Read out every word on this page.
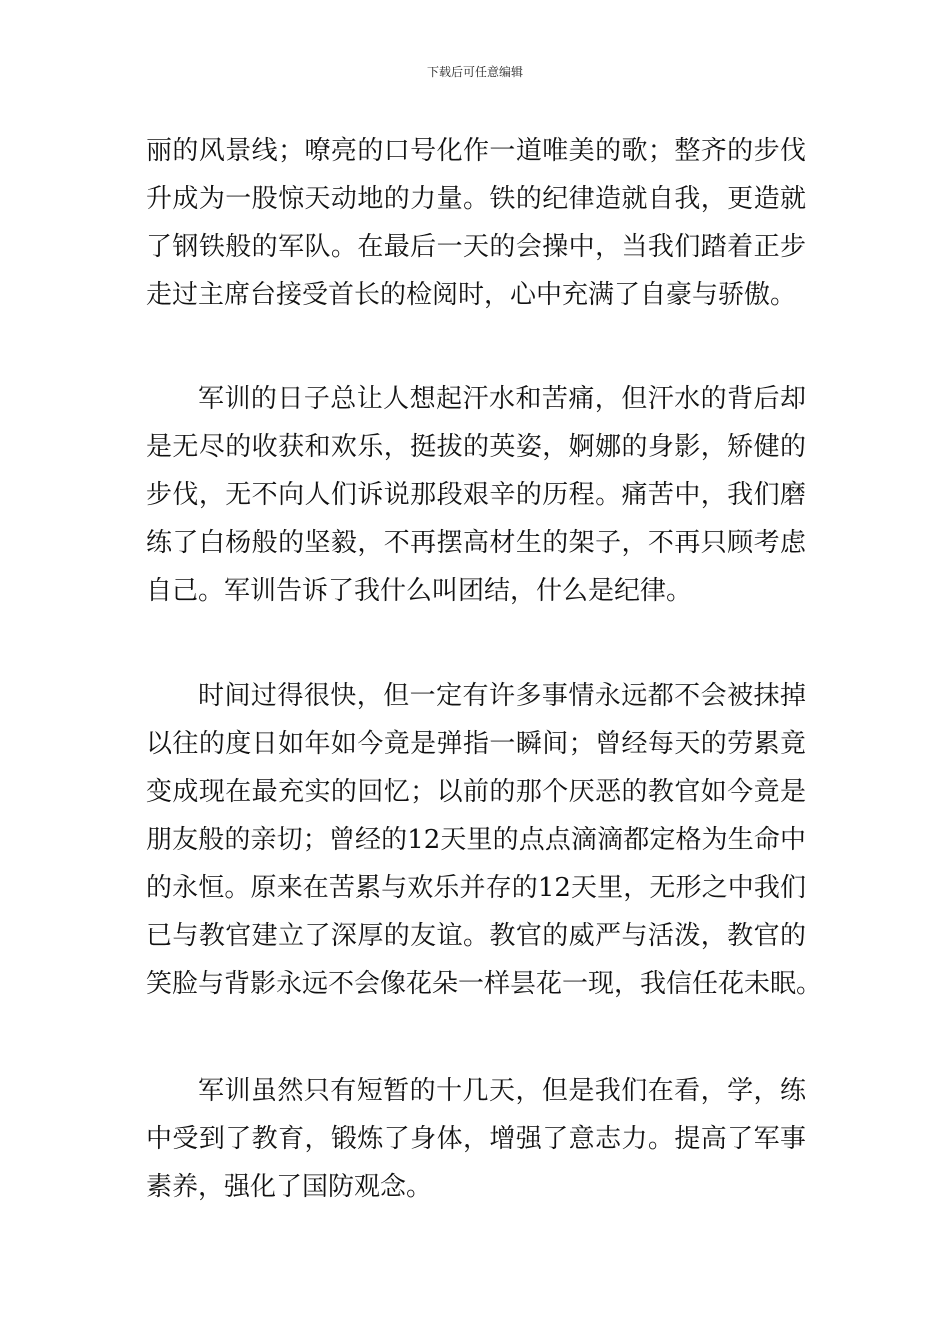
下载后可任意编辑
丽的风景线；嘹亮的口号化作一道唯美的歌；整齐的步伐
升成为一股惊天动地的力量。铁的纪律造就自我，更造就
了钢铁般的军队。在最后一天的会操中，当我们踏着正步
走过主席台接受首长的检阅时，心中充满了自豪与骄傲。
军训的日子总让人想起汗水和苦痛，但汗水的背后却
是无尽的收获和欢乐，挺拔的英姿，婀娜的身影，矫健的
步伐，无不向人们诉说那段艰辛的历程。痛苦中，我们磨
练了白杨般的坚毅，不再摆高材生的架子，不再只顾考虑
自己。军训告诉了我什么叫团结，什么是纪律。
时间过得很快，但一定有许多事情永远都不会被抹掉
以往的度日如年如今竟是弹指一瞬间；曾经每天的劳累竟
变成现在最充实的回忆；以前的那个厌恶的教官如今竟是
朋友般的亲切；曾经的12天里的点点滴滴都定格为生命中
的永恒。原来在苦累与欢乐并存的12天里，无形之中我们
已与教官建立了深厚的友谊。教官的威严与活泼，教官的
笑脸与背影永远不会像花朵一样昙花一现，我信任花未眠。
军训虽然只有短暂的十几天，但是我们在看，学，练
中受到了教育，锻炼了身体，增强了意志力。提高了军事
素养，强化了国防观念。
